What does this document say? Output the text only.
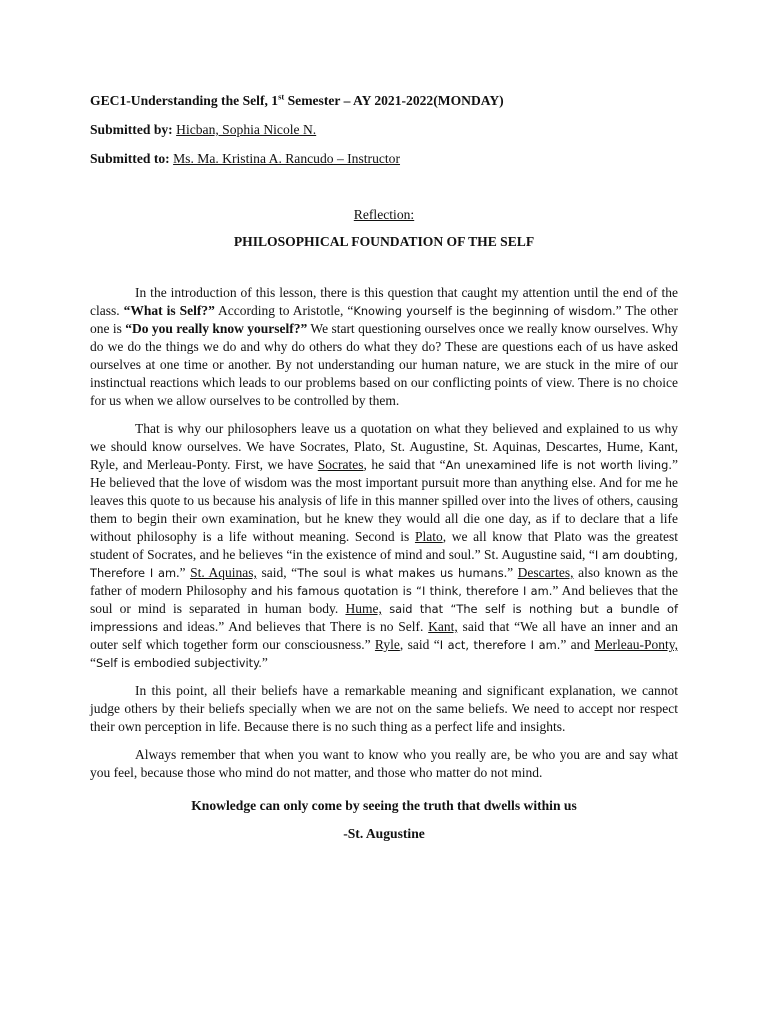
GEC1-Understanding the Self, 1st Semester – AY 2021-2022(MONDAY)
Submitted by: Hicban, Sophia Nicole N.
Submitted to: Ms. Ma. Kristina A. Rancudo – Instructor
Reflection:
PHILOSOPHICAL FOUNDATION OF THE SELF

In the introduction of this lesson, there is this question that caught my attention until the end of the class. “What is Self?” According to Aristotle, “Knowing yourself is the beginning of wisdom.” The other one is “Do you really know yourself?” We start questioning ourselves once we really know ourselves. Why do we do the things we do and why do others do what they do? These are questions each of us have asked ourselves at one time or another. By not understanding our human nature, we are stuck in the mire of our instinctual reactions which leads to our problems based on our conflicting points of view. There is no choice for us when we allow ourselves to be controlled by them.

That is why our philosophers leave us a quotation on what they believed and explained to us why we should know ourselves. We have Socrates, Plato, St. Augustine, St. Aquinas, Descartes, Hume, Kant, Ryle, and Merleau-Ponty. First, we have Socrates, he said that “An unexamined life is not worth living.” He believed that the love of wisdom was the most important pursuit more than anything else. And for me he leaves this quote to us because his analysis of life in this manner spilled over into the lives of others, causing them to begin their own examination, but he knew they would all die one day, as if to declare that a life without philosophy is a life without meaning. Second is Plato, we all know that Plato was the greatest student of Socrates, and he believes “in the existence of mind and soul.” St. Augustine said, “I am doubting, Therefore I am.” St. Aquinas, said, “The soul is what makes us humans.” Descartes, also known as the father of modern Philosophy and his famous quotation is “I think, therefore I am.” And believes that the soul or mind is separated in human body. Hume, said that “The self is nothing but a bundle of impressions and ideas.” And believes that There is no Self. Kant, said that “We all have an inner and an outer self which together form our consciousness.” Ryle, said “I act, therefore I am.” and Merleau-Ponty, “Self is embodied subjectivity.”

In this point, all their beliefs have a remarkable meaning and significant explanation, we cannot judge others by their beliefs specially when we are not on the same beliefs. We need to accept nor respect their own perception in life. Because there is no such thing as a perfect life and insights.

Always remember that when you want to know who you really are, be who you are and say what you feel, because those who mind do not matter, and those who matter do not mind.

Knowledge can only come by seeing the truth that dwells within us
-St. Augustine
